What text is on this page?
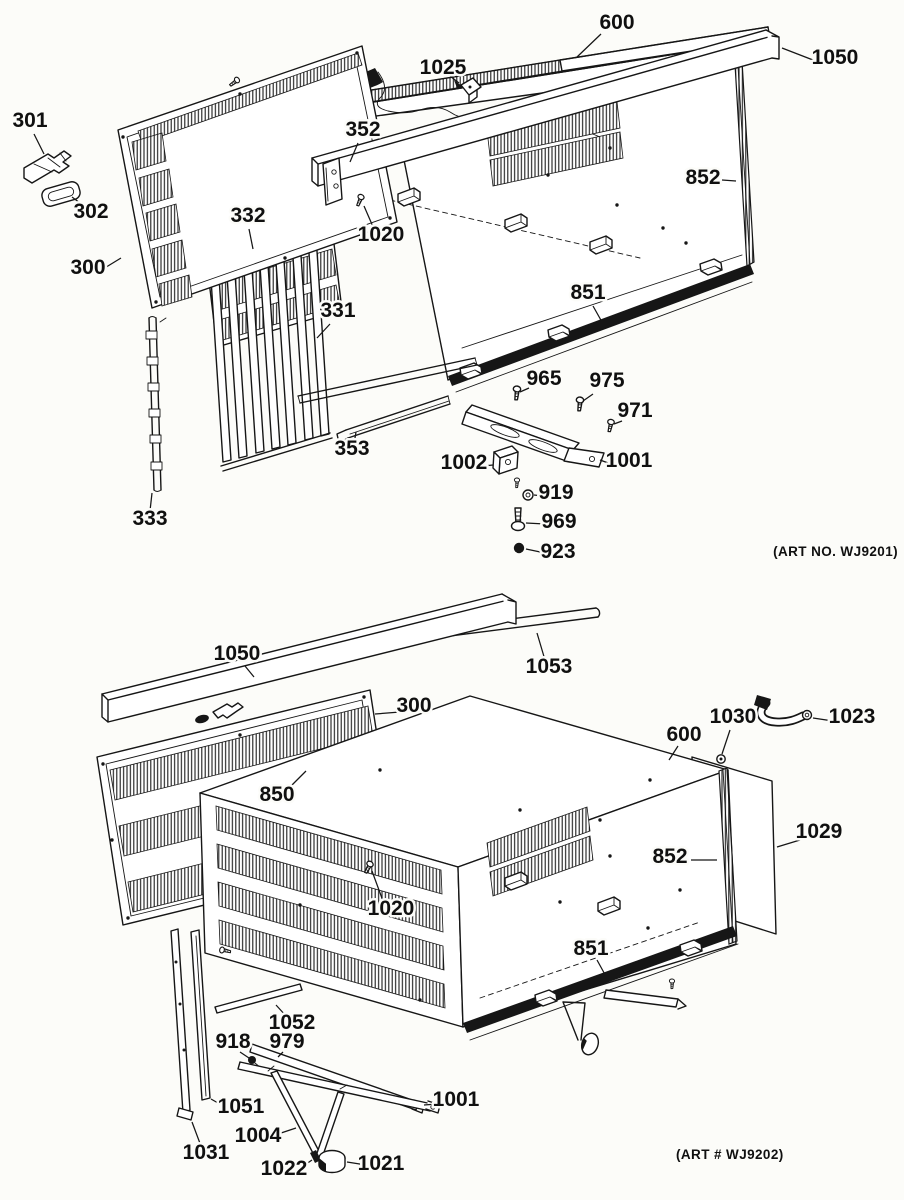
600
1050
1025
301	352
302
852
332
1020
300
331
851
965 975
971
353
1002	1001
919
969
923
333
(ART NO. WJ9201)
1050
1053
300	1030	1023
600
850
1029
852
1020
851
1052
918 979
1051	1001
1031
1004
1022 1021	(ART # WJ9202)
